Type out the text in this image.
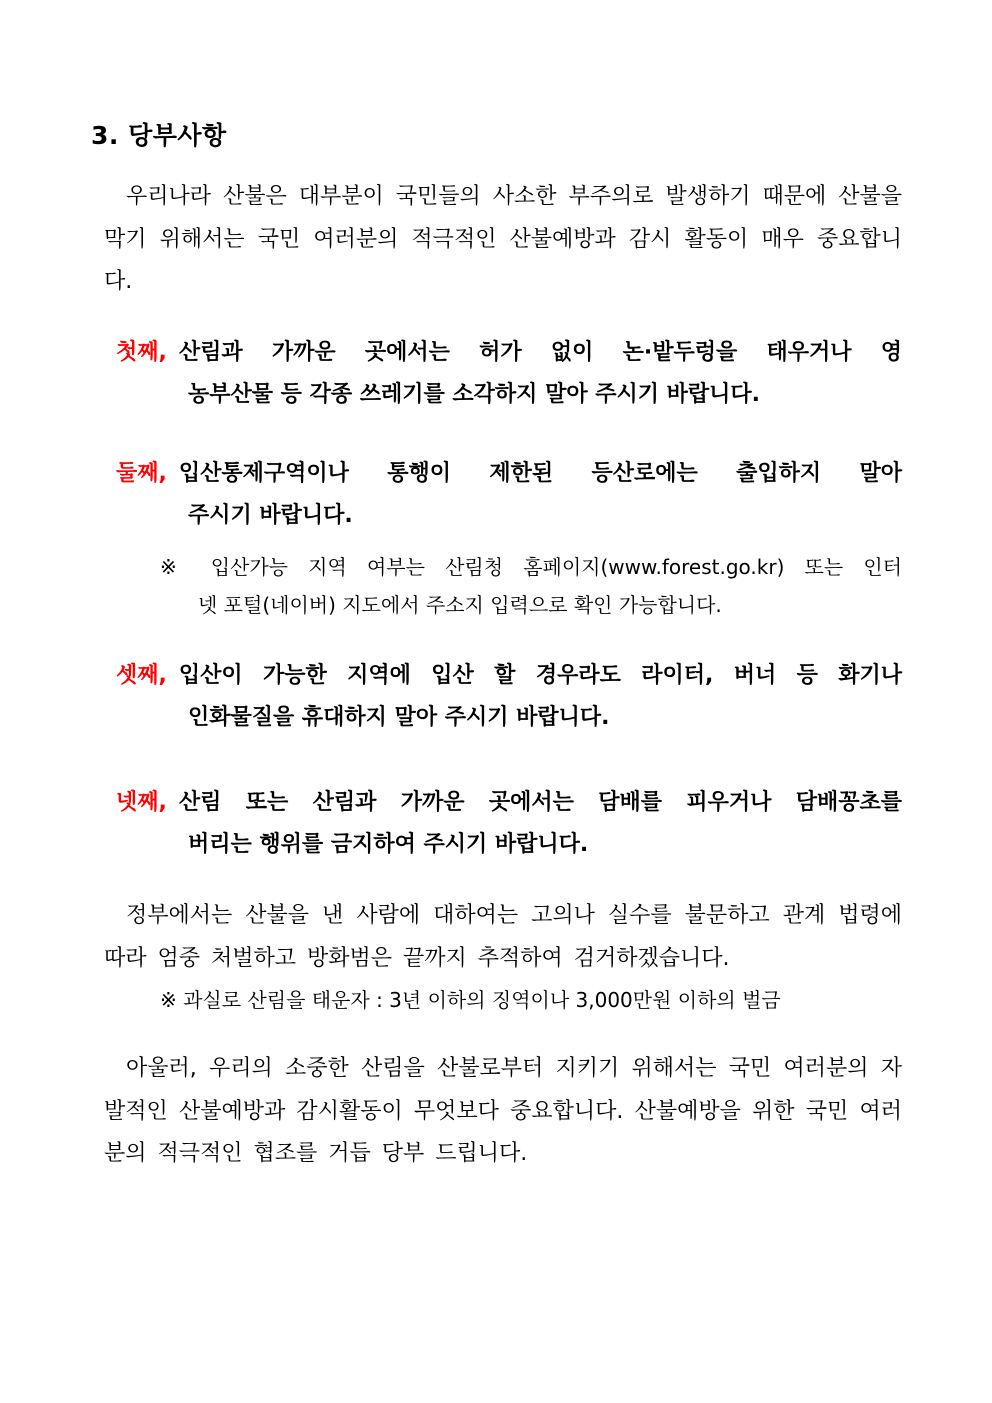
3. 당부사항
우리나라 산불은 대부분이 국민들의 사소한 부주의로 발생하기 때문에 산불을 막기 위해서는 국민 여러분의 적극적인 산불예방과 감시 활동이 매우 중요합니다.
첫째, 산림과 가까운 곳에서는 허가 없이 논·밭두렁을 태우거나 영
농부산물 등 각종 쓰레기를 소각하지 말아 주시기 바랍니다.
둘째, 입산통제구역이나 통행이 제한된 등산로에는 출입하지 말아
주시기 바랍니다.
※ 입산가능 지역 여부는 산림청 홈페이지(www.forest.go.kr) 또는 인터
넷 포털(네이버) 지도에서 주소지 입력으로 확인 가능합니다.
셋째, 입산이 가능한 지역에 입산 할 경우라도 라이터, 버너 등 화기나
인화물질을 휴대하지 말아 주시기 바랍니다.
넷째, 산림 또는 산림과 가까운 곳에서는 담배를 피우거나 담배꽁초를
버리는 행위를 금지하여 주시기 바랍니다.
정부에서는 산불을 낸 사람에 대하여는 고의나 실수를 불문하고 관계 법령에 따라 엄중 처벌하고 방화범은 끝까지 추적하여 검거하겠습니다.
※ 과실로 산림을 태운자 : 3년 이하의 징역이나 3,000만원 이하의 벌금
아울러, 우리의 소중한 산림을 산불로부터 지키기 위해서는 국민 여러분의 자발적인 산불예방과 감시활동이 무엇보다 중요합니다. 산불예방을 위한 국민 여러분의 적극적인 협조를 거듭 당부 드립니다.
